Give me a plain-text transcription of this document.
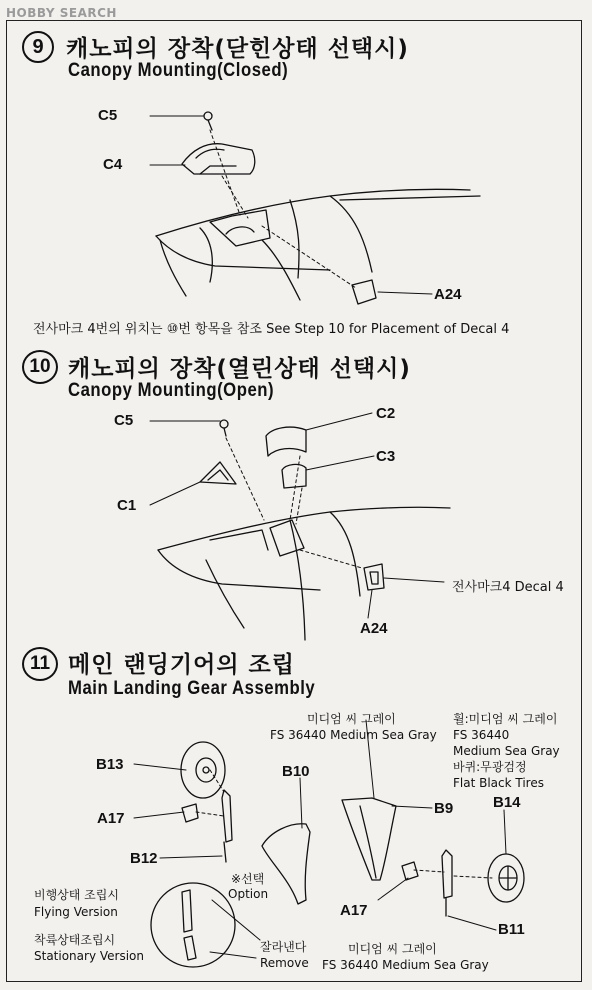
HOBBY SEARCH
9 캐노피의 장착(닫힌상태 선택시)
Canopy Mounting(Closed)
C5
C4
A24
전사마크 4번의 위치는 ⑩번 항목을 참조 See Step 10 for Placement of Decal 4
10 캐노피의 장착(열린상태 선택시)
Canopy Mounting(Open)
C5	C2
C3
C1
A24
전사마크4 Decal 4
11 메인 랜딩기어의 조립
Main Landing Gear Assembly
미디엄 씨 그레이
FS 36440 Medium Sea Gray
휠:미디엄 씨 그레이
FS 36440
Medium Sea Gray
바퀴:무광검정
Flat Black Tires
B13	B10
A17
B12
B9	B14
A17
B11
※선택
Option
비행상태 조립시
Flying Version
착륙상태조립시
Stationary Version
잘라낸다
Remove
미디엄 씨 그레이
FS 36440 Medium Sea Gray
